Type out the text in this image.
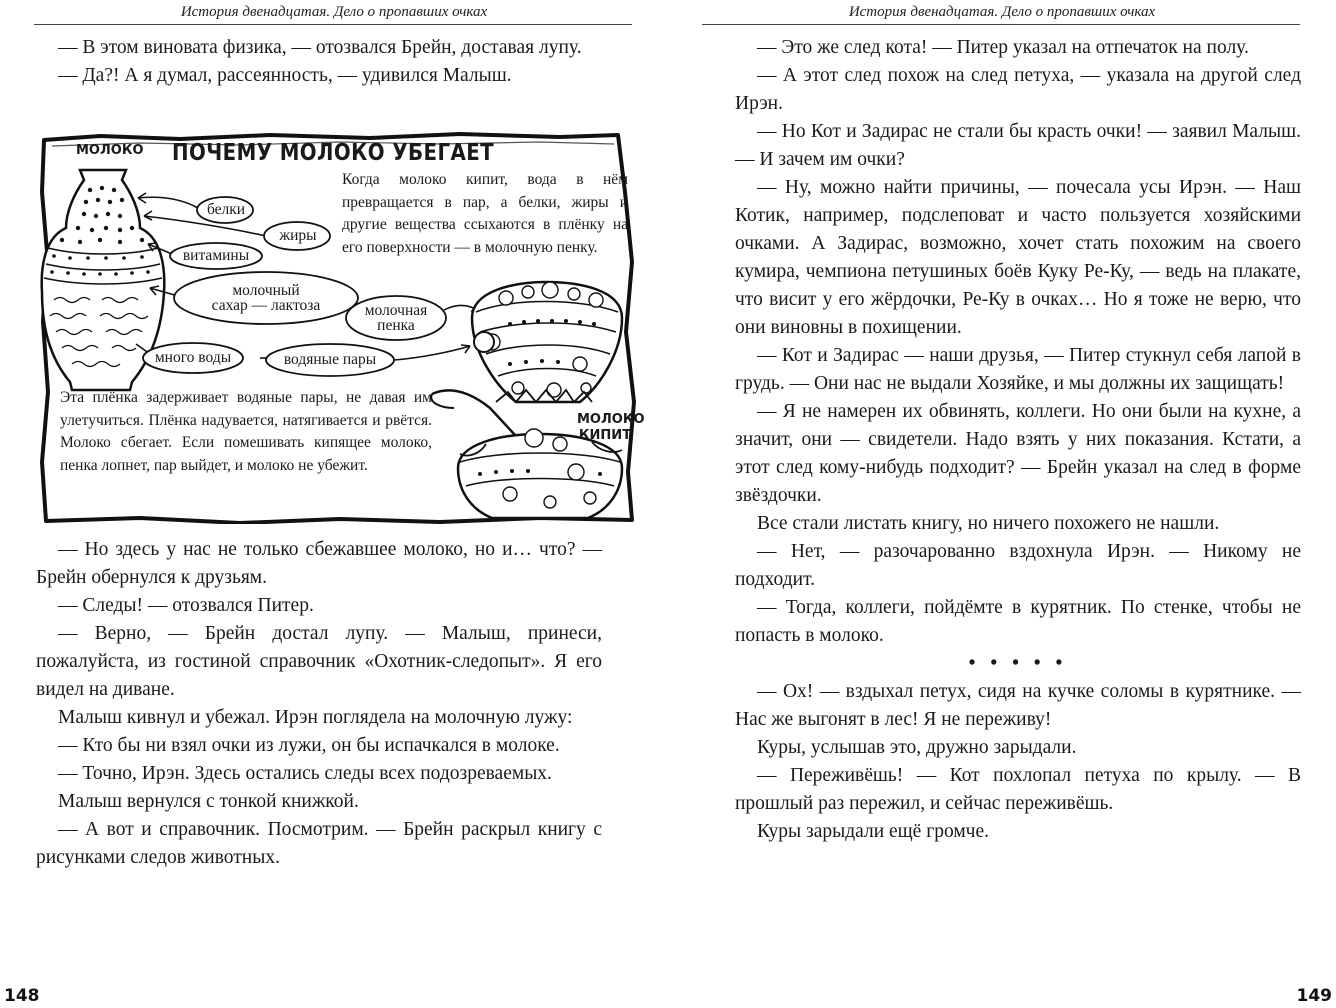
История двенадцатая. Дело о пропавших очках

— В этом виновата физика, — отозвался Брейн, доставая лупу.

— Да?! А я думал, рассеянность, — удивился Малыш.

МОЛОКО ПОЧЕМУ МОЛОКО УБЕГАЕТ
Когда молоко кипит, вода в нём превращается в пар, а белки, жиры и другие вещества ссыхаются в плёнку на его поверхности — в молочную пенку.
Эта плёнка задерживает водяные пары, не давая им улетучиться. Плёнка надувается, натягивается и рвётся. Молоко сбегает. Если помешивать кипящее молоко, пенка лопнет, пар выйдет, и молоко не убежит.
белки
жиры
витамины
молочный
сахар — лактоза
много воды	водяные пары
молочная
пенка
МОЛОКО
КИПИТ

— Но здесь у нас не только сбежавшее молоко, но и… что? — Брейн обернулся к друзьям.

— Следы! — отозвался Питер.

— Верно, — Брейн достал лупу. — Малыш, принеси, пожалуйста, из гостиной справочник «Охотник-следопыт». Я его видел на диване.

Малыш кивнул и убежал. Ирэн поглядела на молочную лужу:

— Кто бы ни взял очки из лужи, он бы испачкался в молоке.

— Точно, Ирэн. Здесь остались следы всех подозреваемых.

Малыш вернулся с тонкой книжкой.

— А вот и справочник. Посмотрим. — Брейн раскрыл книгу с рисунками следов животных.

148
История двенадцатая. Дело о пропавших очках

— Это же след кота! — Питер указал на отпечаток на полу.

— А этот след похож на след петуха, — указала на другой след Ирэн.

— Но Кот и Задирас не стали бы красть очки! — заявил Малыш. — И зачем им очки?

— Ну, можно найти причины, — почесала усы Ирэн. — Наш Котик, например, подслеповат и часто пользуется хозяйскими очками. А Задирас, возможно, хочет стать похожим на своего кумира, чемпиона петушиных боёв Куку Ре-Ку, — ведь на плакате, что висит у его жёрдочки, Ре-Ку в очках… Но я тоже не верю, что они виновны в похищении.

— Кот и Задирас — наши друзья, — Питер стукнул себя лапой в грудь. — Они нас не выдали Хозяйке, и мы должны их защищать!

— Я не намерен их обвинять, коллеги. Но они были на кухне, а значит, они — свидетели. Надо взять у них показания. Кстати, а этот след кому-нибудь подходит? — Брейн указал на след в форме звёздочки.

Все стали листать книгу, но ничего похожего не нашли.

— Нет, — разочарованно вздохнула Ирэн. — Никому не подходит.

— Тогда, коллеги, пойдёмте в курятник. По стенке, чтобы не попасть в молоко.

• • • • •

— Ох! — вздыхал петух, сидя на кучке соломы в курятнике. — Нас же выгонят в лес! Я не переживу!

Куры, услышав это, дружно зарыдали.

— Переживёшь! — Кот похлопал петуха по крылу. — В прошлый раз пережил, и сейчас переживёшь.

Куры зарыдали ещё громче.

149
